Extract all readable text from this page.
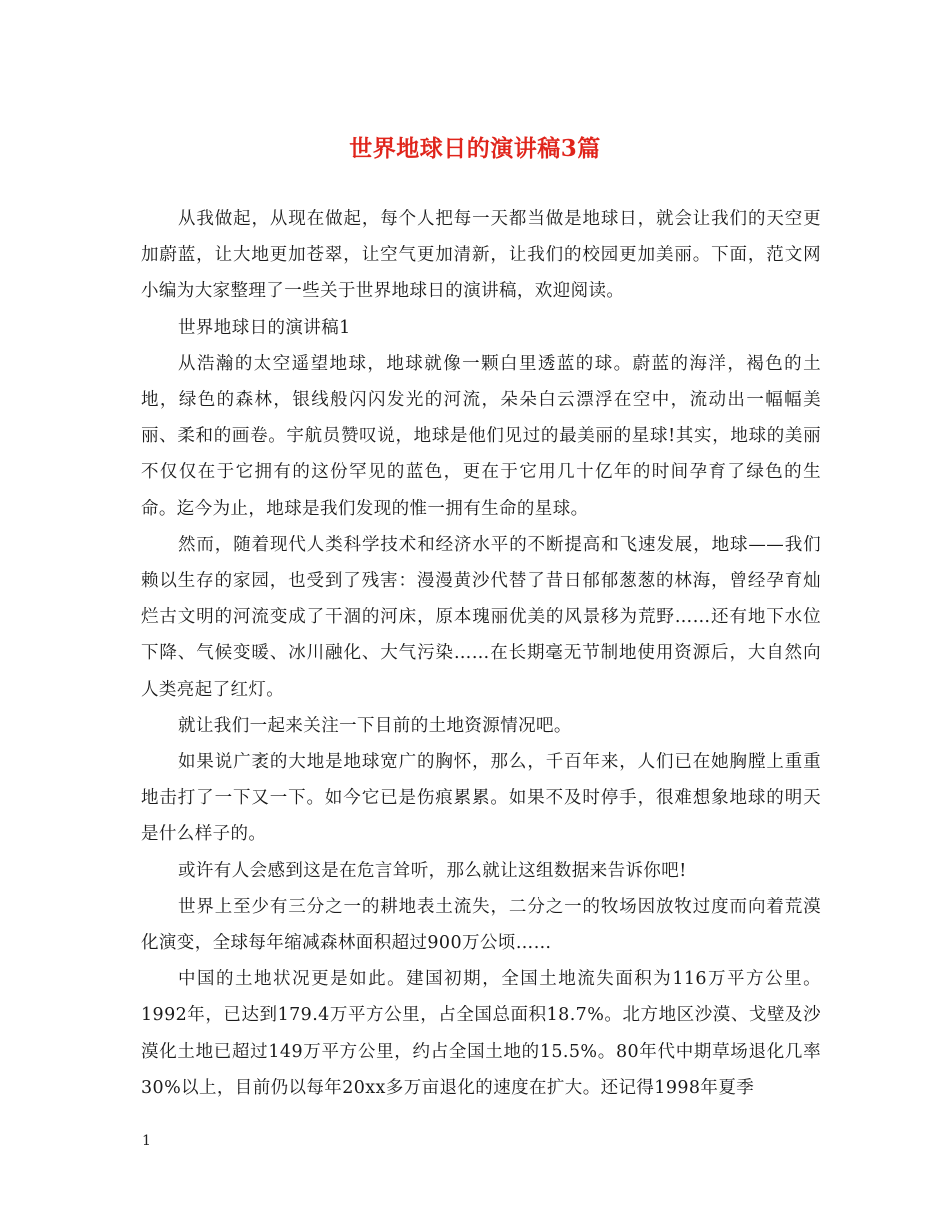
世界地球日的演讲稿3篇

从我做起，从现在做起，每个人把每一天都当做是地球日，就会让我们的天空更加蔚蓝，让大地更加苍翠，让空气更加清新，让我们的校园更加美丽。下面，范文网小编为大家整理了一些关于世界地球日的演讲稿，欢迎阅读。

世界地球日的演讲稿1

从浩瀚的太空遥望地球，地球就像一颗白里透蓝的球。蔚蓝的海洋，褐色的土地，绿色的森林，银线般闪闪发光的河流，朵朵白云漂浮在空中，流动出一幅幅美丽、柔和的画卷。宇航员赞叹说，地球是他们见过的最美丽的星球!其实，地球的美丽不仅仅在于它拥有的这份罕见的蓝色，更在于它用几十亿年的时间孕育了绿色的生命。迄今为止，地球是我们发现的惟一拥有生命的星球。

然而，随着现代人类科学技术和经济水平的不断提高和飞速发展，地球——我们赖以生存的家园，也受到了残害：漫漫黄沙代替了昔日郁郁葱葱的林海，曾经孕育灿烂古文明的河流变成了干涸的河床，原本瑰丽优美的风景移为荒野……还有地下水位下降、气候变暖、冰川融化、大气污染……在长期毫无节制地使用资源后，大自然向人类亮起了红灯。

就让我们一起来关注一下目前的土地资源情况吧。

如果说广袤的大地是地球宽广的胸怀，那么，千百年来，人们已在她胸膛上重重地击打了一下又一下。如今它已是伤痕累累。如果不及时停手，很难想象地球的明天是什么样子的。

或许有人会感到这是在危言耸听，那么就让这组数据来告诉你吧!

世界上至少有三分之一的耕地表土流失，二分之一的牧场因放牧过度而向着荒漠化演变，全球每年缩减森林面积超过900万公顷……

中国的土地状况更是如此。建国初期，全国土地流失面积为116万平方公里。1992年，已达到179.4万平方公里，占全国总面积18.7%。北方地区沙漠、戈壁及沙漠化土地已超过149万平方公里，约占全国土地的15.5%。80年代中期草场退化几率30%以上，目前仍以每年20xx多万亩退化的速度在扩大。还记得1998年夏季

1
